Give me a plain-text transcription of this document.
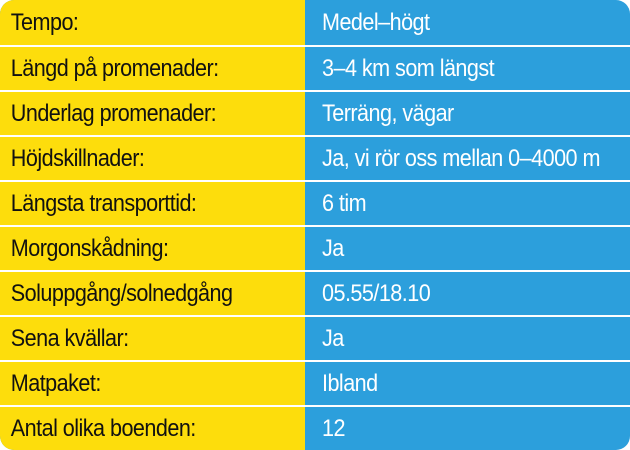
Tempo:	Medel–högt
Längd på promenader:	3–4 km som längst
Underlag promenader:	Terräng, vägar
Höjdskillnader:	Ja, vi rör oss mellan 0–4000 m
Längsta transporttid:	6 tim
Morgonskådning:	Ja
Soluppgång/solnedgång	05.55/18.10
Sena kvällar:	Ja
Matpaket:	Ibland
Antal olika boenden:	12
